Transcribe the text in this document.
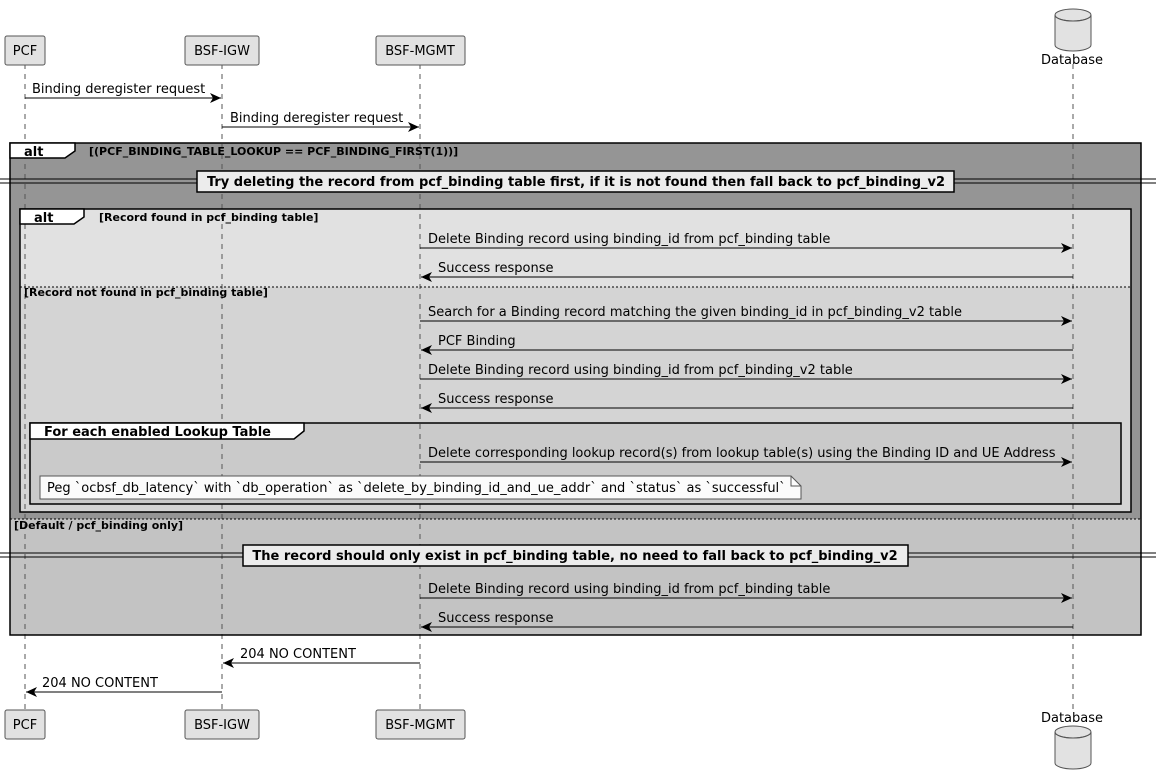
alt	[(PCF_BINDING_TABLE_LOOKUP == PCF_BINDING_FIRST(1))]
[Default / pcf_binding only]
Try deleting the record from pcf_binding table first, if it is not found then fall back to pcf_binding_v2
alt	[Record found in pcf_binding table]
[Record not found in pcf_binding table]
For each enabled Lookup Table
Peg `ocbsf_db_latency` with `db_operation` as `delete_by_binding_id_and_ue_addr` and `status` as `successful`
The record should only exist in pcf_binding table, no need to fall back to pcf_binding_v2
Binding deregister request
Binding deregister request
Delete Binding record using binding_id from pcf_binding table
Success response
Search for a Binding record matching the given binding_id in pcf_binding_v2 table
PCF Binding
Delete Binding record using binding_id from pcf_binding_v2 table
Success response
Delete corresponding lookup record(s) from lookup table(s) using the Binding ID and UE Address
Delete Binding record using binding_id from pcf_binding table
Success response
204 NO CONTENT
204 NO CONTENT
PCF	BSF-IGW	BSF-MGMT
Database
PCF	BSF-IGW	BSF-MGMT	Database
